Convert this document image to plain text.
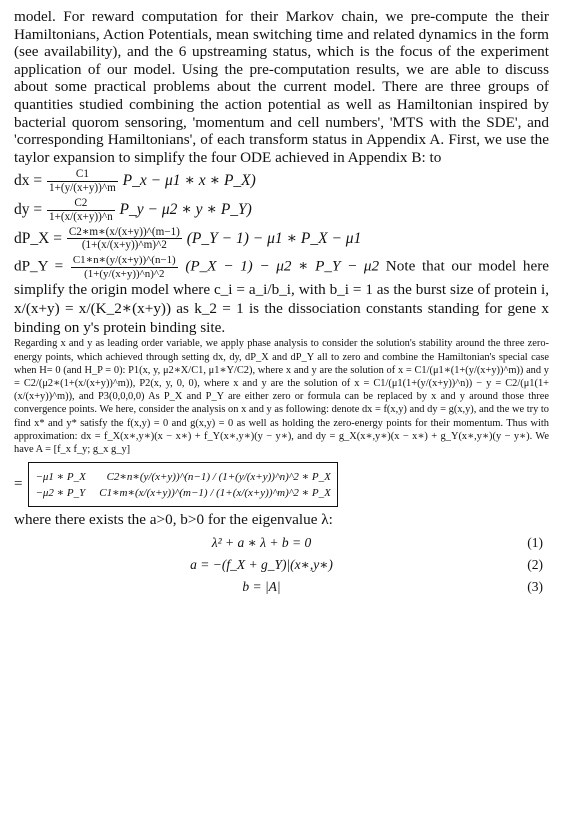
model. For reward computation for their Markov chain, we pre-compute the their Hamiltonians, Action Potentials, mean switching time and related dynamics in the form (see availability), and the 6 upstreaming status, which is the focus of the experiment application of our model. Using the pre-computation results, we are able to discuss about some practical problems about the current model. There are three groups of quantities studied combining the action potential as well as Hamiltonian inspired by bacterial quorom sensoring, 'momentum and cell numbers', 'MTS with the SDE', and 'corresponding Hamiltonians', of each transform status in Appendix A. First, we use the taylor expansion to simplify the four ODE achieved in Appendix B: to

dx = $\frac{C1}{1+(y/(x+y))\^{}m}$ P_x − μ1 ∗ x ∗ P_X)
dy = $\frac{C2}{1+(x/(x+y))\^{}n}$ P_y − μ2 ∗ y ∗ P_Y)
dP_X = $\frac{C2∗m∗(x/(x+y))\^{}(m-1)}{(1+(x/(x+y))\^{}m)\^{}2}$ (P_Y − 1) − μ1 ∗ P_X − μ1
dP_Y = $\frac{C1∗n∗(y/(x+y))\^{}(n-1)}{(1+(y/(x+y))\^{}n)\^{}2}$ (P_X − 1) − μ2 ∗ P_Y − μ2 Note that our model here simplify the origin model where c_i = a_i/b_i, with b_i = 1 as the burst size of protein i, x/(x+y) = x/(K_2∗(x+y)) as k_2 = 1 is the dissociation constants standing for gene x binding on y's protein binding site.

Regarding x and y as leading order variable, we apply phase analysis to consider the solution's stability around the three zero-energy points, which achieved through setting dx, dy, dP_X and dP_Y all to zero and combine the Hamiltonian's special case when H= 0 (and H_P = 0): P1(x, y, μ2∗X/C1, μ1∗Y/C2), where x and y are the solution of x = C1/(μ1∗(1+(y/(x+y))^m)) and y = C2/(μ2∗(1+(x/(x+y))^m)), P2(x, y, 0, 0), where x and y are the solution of x = C1/(μ1(1+(y/(x+y))^n)) − y = C2/(μ1(1+(x/(x+y))^m)), and P3(0,0,0,0) As P_X and P_Y are either zero or formula can be replaced by x and y around those three convergence points. We here, consider the analysis on x and y as following: denote dx = f(x,y) and dy = g(x,y), and the we try to find x* and y* satisfy the f(x,y) = 0 and g(x,y) = 0 as well as holding the zero-energy points for their momentum. Thus with approximation: dx = f_X(x∗,y∗)(x − x∗) + f_Y(x∗,y∗)(y − y∗), and dy = g_X(x∗,y∗)(x − x∗) + g_Y(x∗,y∗)(y − y∗). We have A = [f_x f_y; g_x g_y]

= −μ1 ∗ P_X C2∗n∗(y/(x+y))^(n−1) / (1+(y/(x+y))^n)^2 ∗ P_X
−μ2 ∗ P_Y C1∗m∗(x/(x+y))^(m−1) / (1+(x/(x+y))^m)^2 ∗ P_X

where there exists the a>0, b>0 for the eigenvalue λ:

λ² + a ∗ λ + b = 0	(1)
a = −(f_X + g_Y)|(x∗,y∗)	(2)
b = |A|	(3)
